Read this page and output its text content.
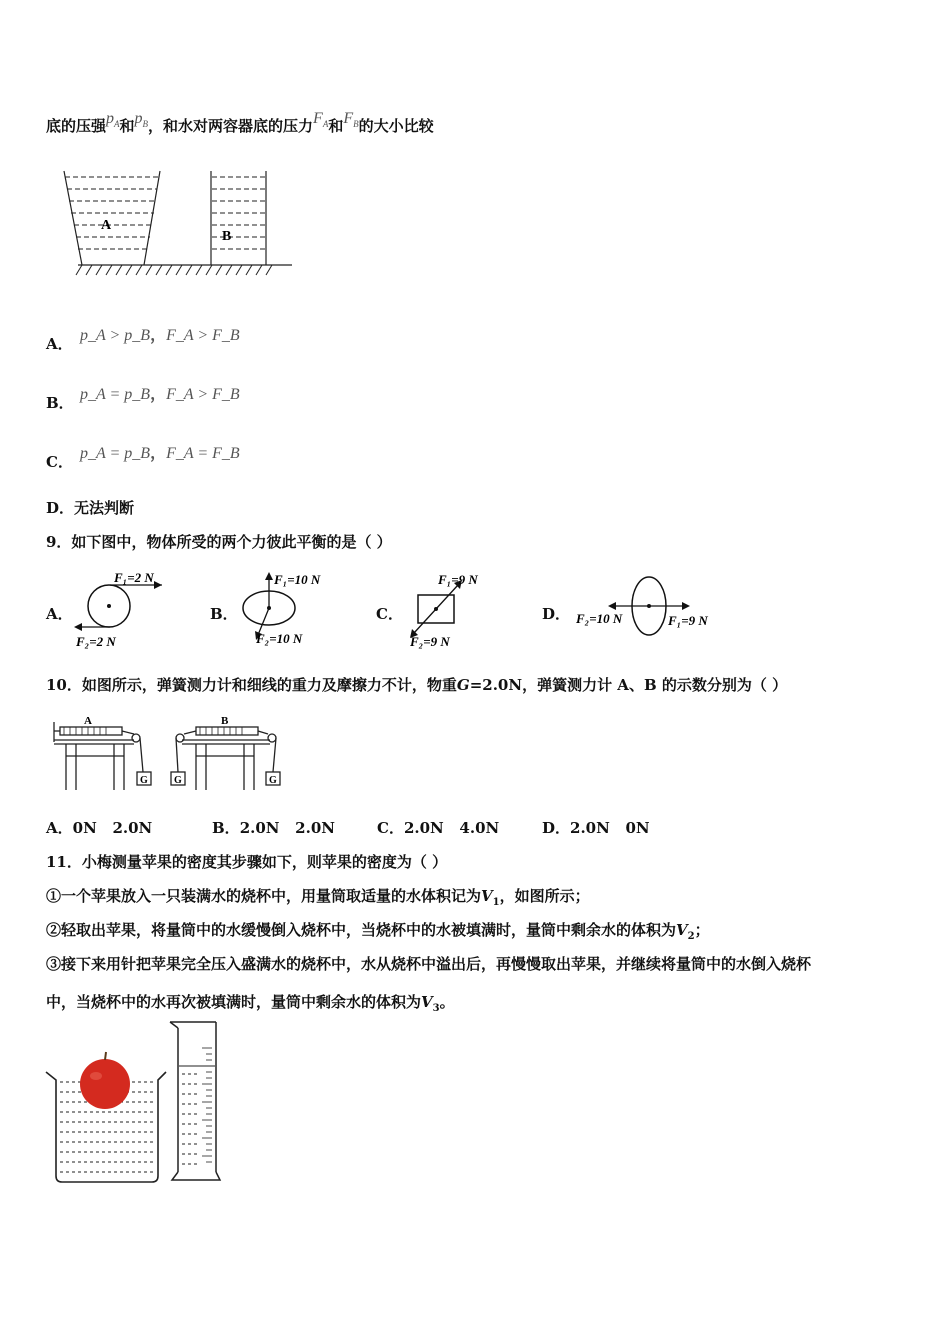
底的压强$p_A$和$p_B$，和水对两容器底的压力$F_A$和$F_B$的大小比较
A
B
A． p_A > p_B，F_A > F_B
B． p_A = p_B，F_A > F_B
C． p_A = p_B，F_A = F_B
D．无法判断
9．如下图中，物体所受的两个力彼此平衡的是（ ）
A．
F₁=2 N
F₂=2 N
B．
F₁=10 N
F₂=10 N
C．
F₁=9 N
F₂=9 N
D． F₂=10 N	F₁=9 N
10．如图所示，弹簧测力计和细线的重力及摩擦力不计，物重G=2.0N，弹簧测力计 A、B 的示数分别为（ ）
A	B
G	G	G
A．0N   2.0N	B．2.0N   2.0N	C．2.0N   4.0N	D．2.0N   0N
11．小梅测量苹果的密度其步骤如下，则苹果的密度为（ ）
①一个苹果放入一只装满水的烧杯中，用量筒取适量的水体积记为$V_1$，如图所示；
②轻取出苹果，将量筒中的水缓慢倒入烧杯中，当烧杯中的水被填满时，量筒中剩余水的体积为$V_2$；
③接下来用针把苹果完全压入盛满水的烧杯中，水从烧杯中溢出后，再慢慢取出苹果，并继续将量筒中的水倒入烧杯
中，当烧杯中的水再次被填满时，量筒中剩余水的体积为$V_3$。
